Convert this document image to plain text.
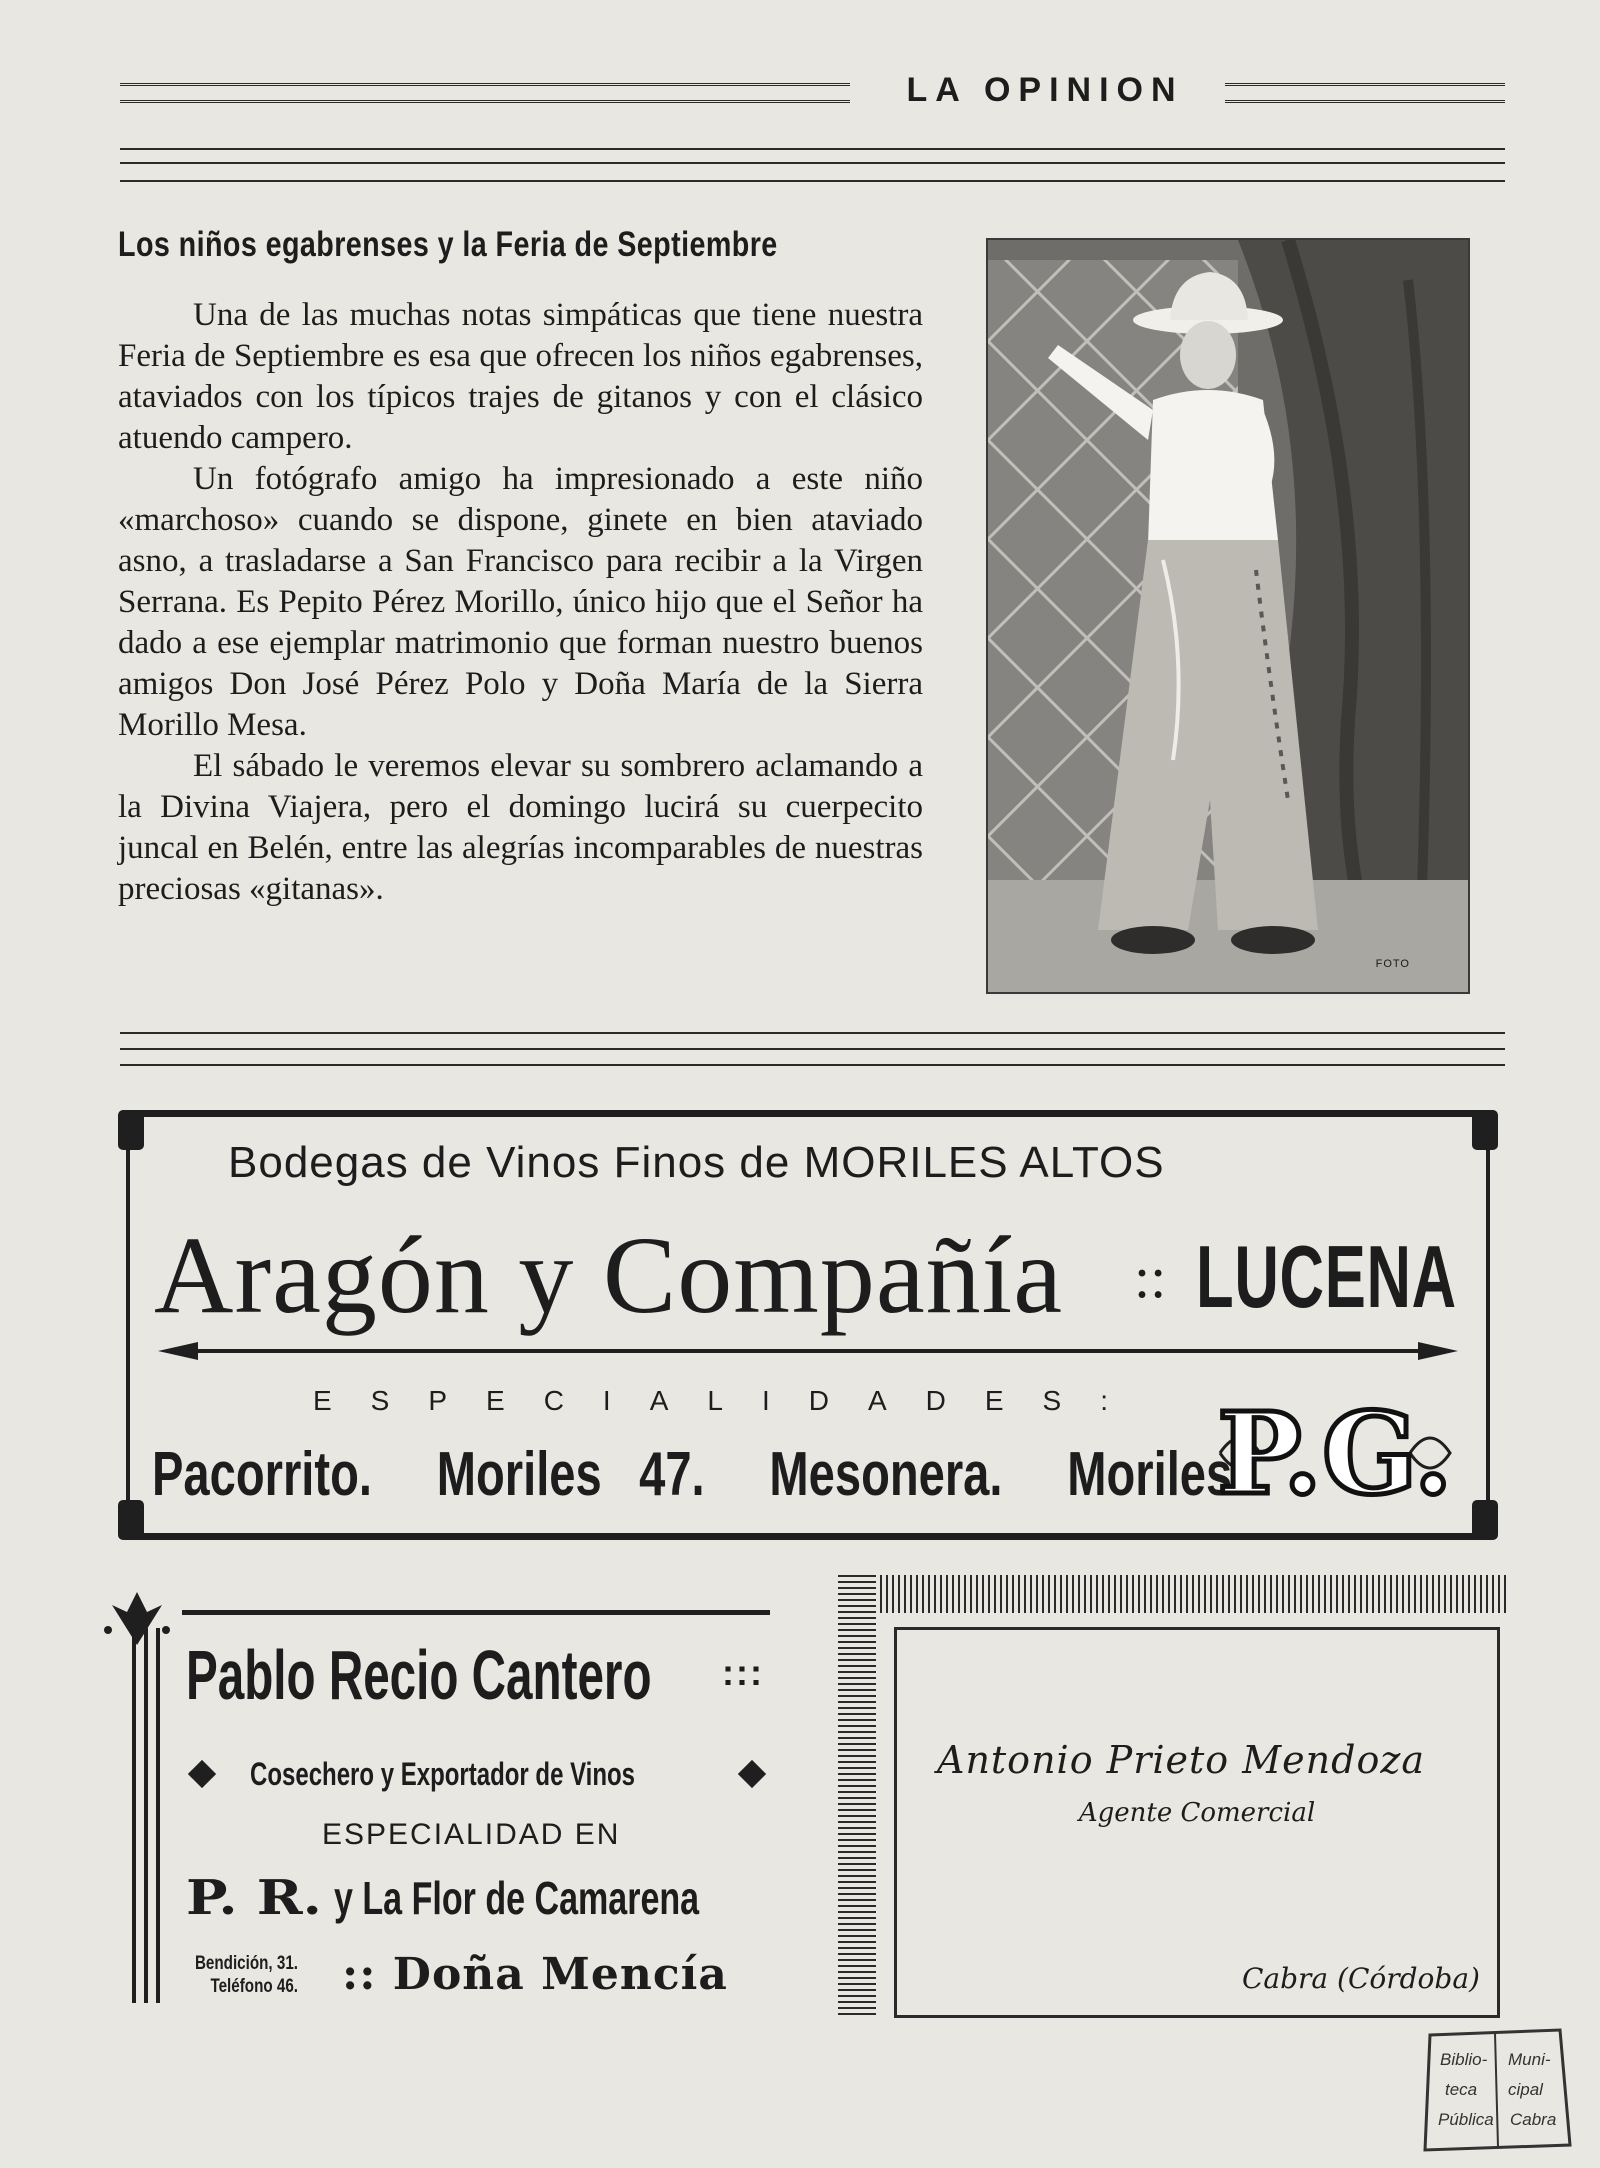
LA OPINION
Los niños egabrenses y la Feria de Septiembre

Una de las muchas notas simpáticas que tiene nuestra Feria de Septiembre es esa que ofrecen los niños egabrenses, ataviados con los típicos trajes de gitanos y con el clásico atuendo campero.

Un fotógrafo amigo ha impresionado a este niño «marchoso» cuando se dispone, ginete en bien ataviado asno, a trasladarse a San Francisco para recibir a la Virgen Serrana. Es Pepito Pérez Morillo, único hijo que el Señor ha dado a ese ejemplar matrimonio que forman nuestro buenos amigos Don José Pérez Polo y Doña María de la Sierra Morillo Mesa.

El sábado le veremos elevar su sombrero aclamando a la Divina Viajera, pero el domingo lucirá su cuerpecito juncal en Belén, entre las alegrías incomparables de nuestras preciosas «gitanas».

FOTO
Bodegas de Vinos Finos de MORILES ALTOS
Aragón y Compañía :: LUCENA
ESPECIALIDADES:
Pacorrito. Moriles 47. Mesonera. Moriles
P.G.
Pablo Recio Cantero :::
Cosechero y Exportador de Vinos
ESPECIALIDAD EN
P. R. y La Flor de Camarena
Bendición, 31.
Teléfono 46. :: Doña Mencía
Antonio Prieto Mendoza
Agente Comercial
Cabra (Córdoba)
Biblio-
teca
Pública
Muni-
cipal
Cabra
